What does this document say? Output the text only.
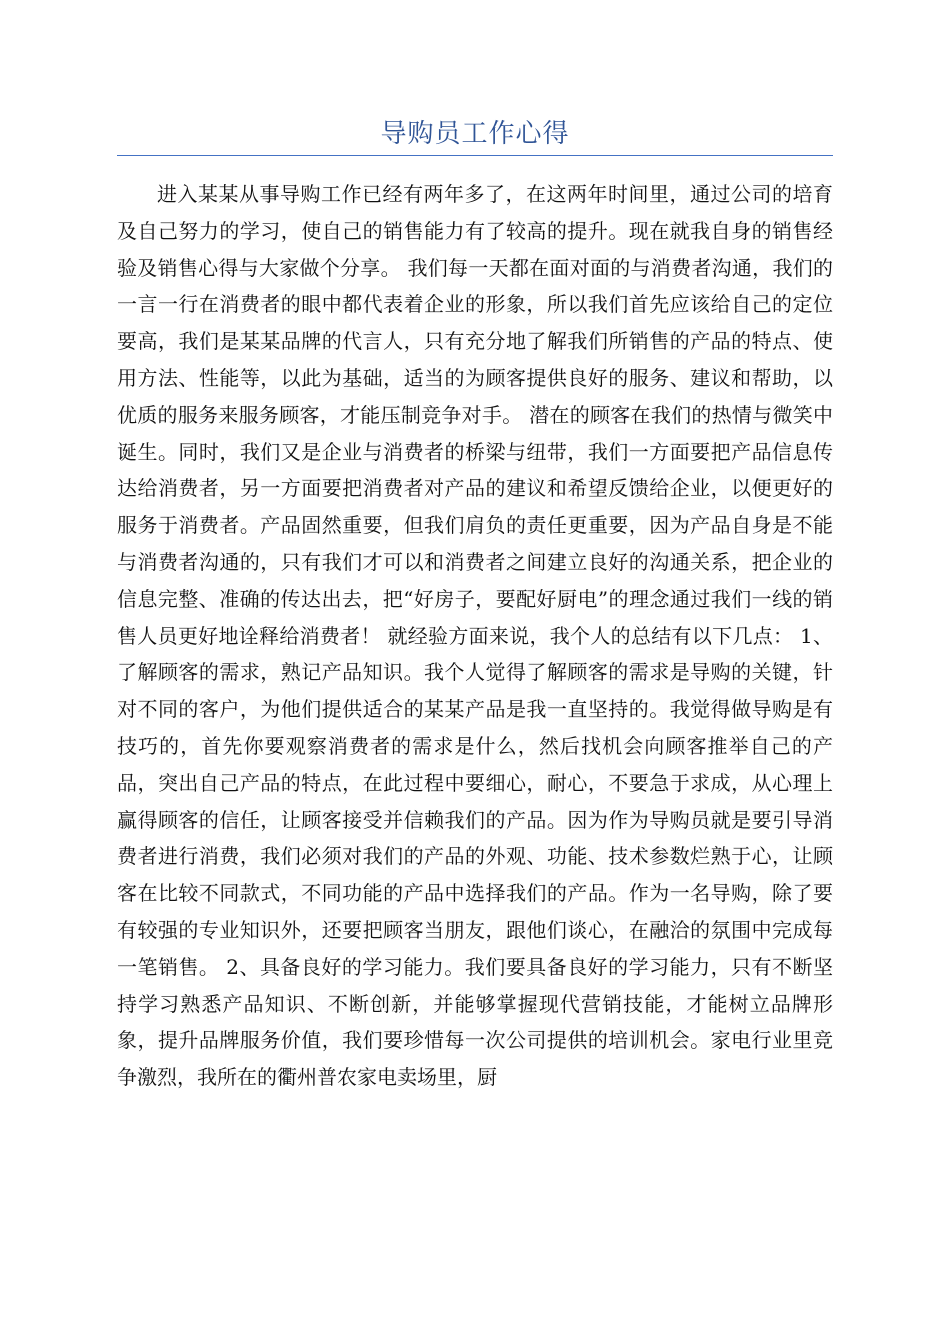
导购员工作心得

进入某某从事导购工作已经有两年多了，在这两年时间里，通过公司的培育及自己努力的学习，使自己的销售能力有了较高的提升。现在就我自身的销售经验及销售心得与大家做个分享。 我们每一天都在面对面的与消费者沟通，我们的一言一行在消费者的眼中都代表着企业的形象，所以我们首先应该给自己的定位要高，我们是某某品牌的代言人，只有充分地了解我们所销售的产品的特点、使用方法、性能等，以此为基础，适当的为顾客提供良好的服务、建议和帮助，以优质的服务来服务顾客，才能压制竞争对手。 潜在的顾客在我们的热情与微笑中诞生。同时，我们又是企业与消费者的桥梁与纽带，我们一方面要把产品信息传达给消费者，另一方面要把消费者对产品的建议和希望反馈给企业，以便更好的服务于消费者。产品固然重要，但我们肩负的责任更重要，因为产品自身是不能与消费者沟通的，只有我们才可以和消费者之间建立良好的沟通关系，把企业的信息完整、准确的传达出去，把“好房子，要配好厨电”的理念通过我们一线的销售人员更好地诠释给消费者！ 就经验方面来说，我个人的总结有以下几点： 1、了解顾客的需求，熟记产品知识。我个人觉得了解顾客的需求是导购的关键，针对不同的客户，为他们提供适合的某某产品是我一直坚持的。我觉得做导购是有技巧的，首先你要观察消费者的需求是什么，然后找机会向顾客推举自己的产品，突出自己产品的特点，在此过程中要细心，耐心，不要急于求成，从心理上赢得顾客的信任，让顾客接受并信赖我们的产品。因为作为导购员就是要引导消费者进行消费，我们必须对我们的产品的外观、功能、技术参数烂熟于心，让顾客在比较不同款式，不同功能的产品中选择我们的产品。作为一名导购，除了要有较强的专业知识外，还要把顾客当朋友，跟他们谈心，在融洽的氛围中完成每一笔销售。 2、具备良好的学习能力。我们要具备良好的学习能力，只有不断坚持学习熟悉产品知识、不断创新，并能够掌握现代营销技能，才能树立品牌形象，提升品牌服务价值，我们要珍惜每一次公司提供的培训机会。家电行业里竞争激烈，我所在的衢州普农家电卖场里，厨
